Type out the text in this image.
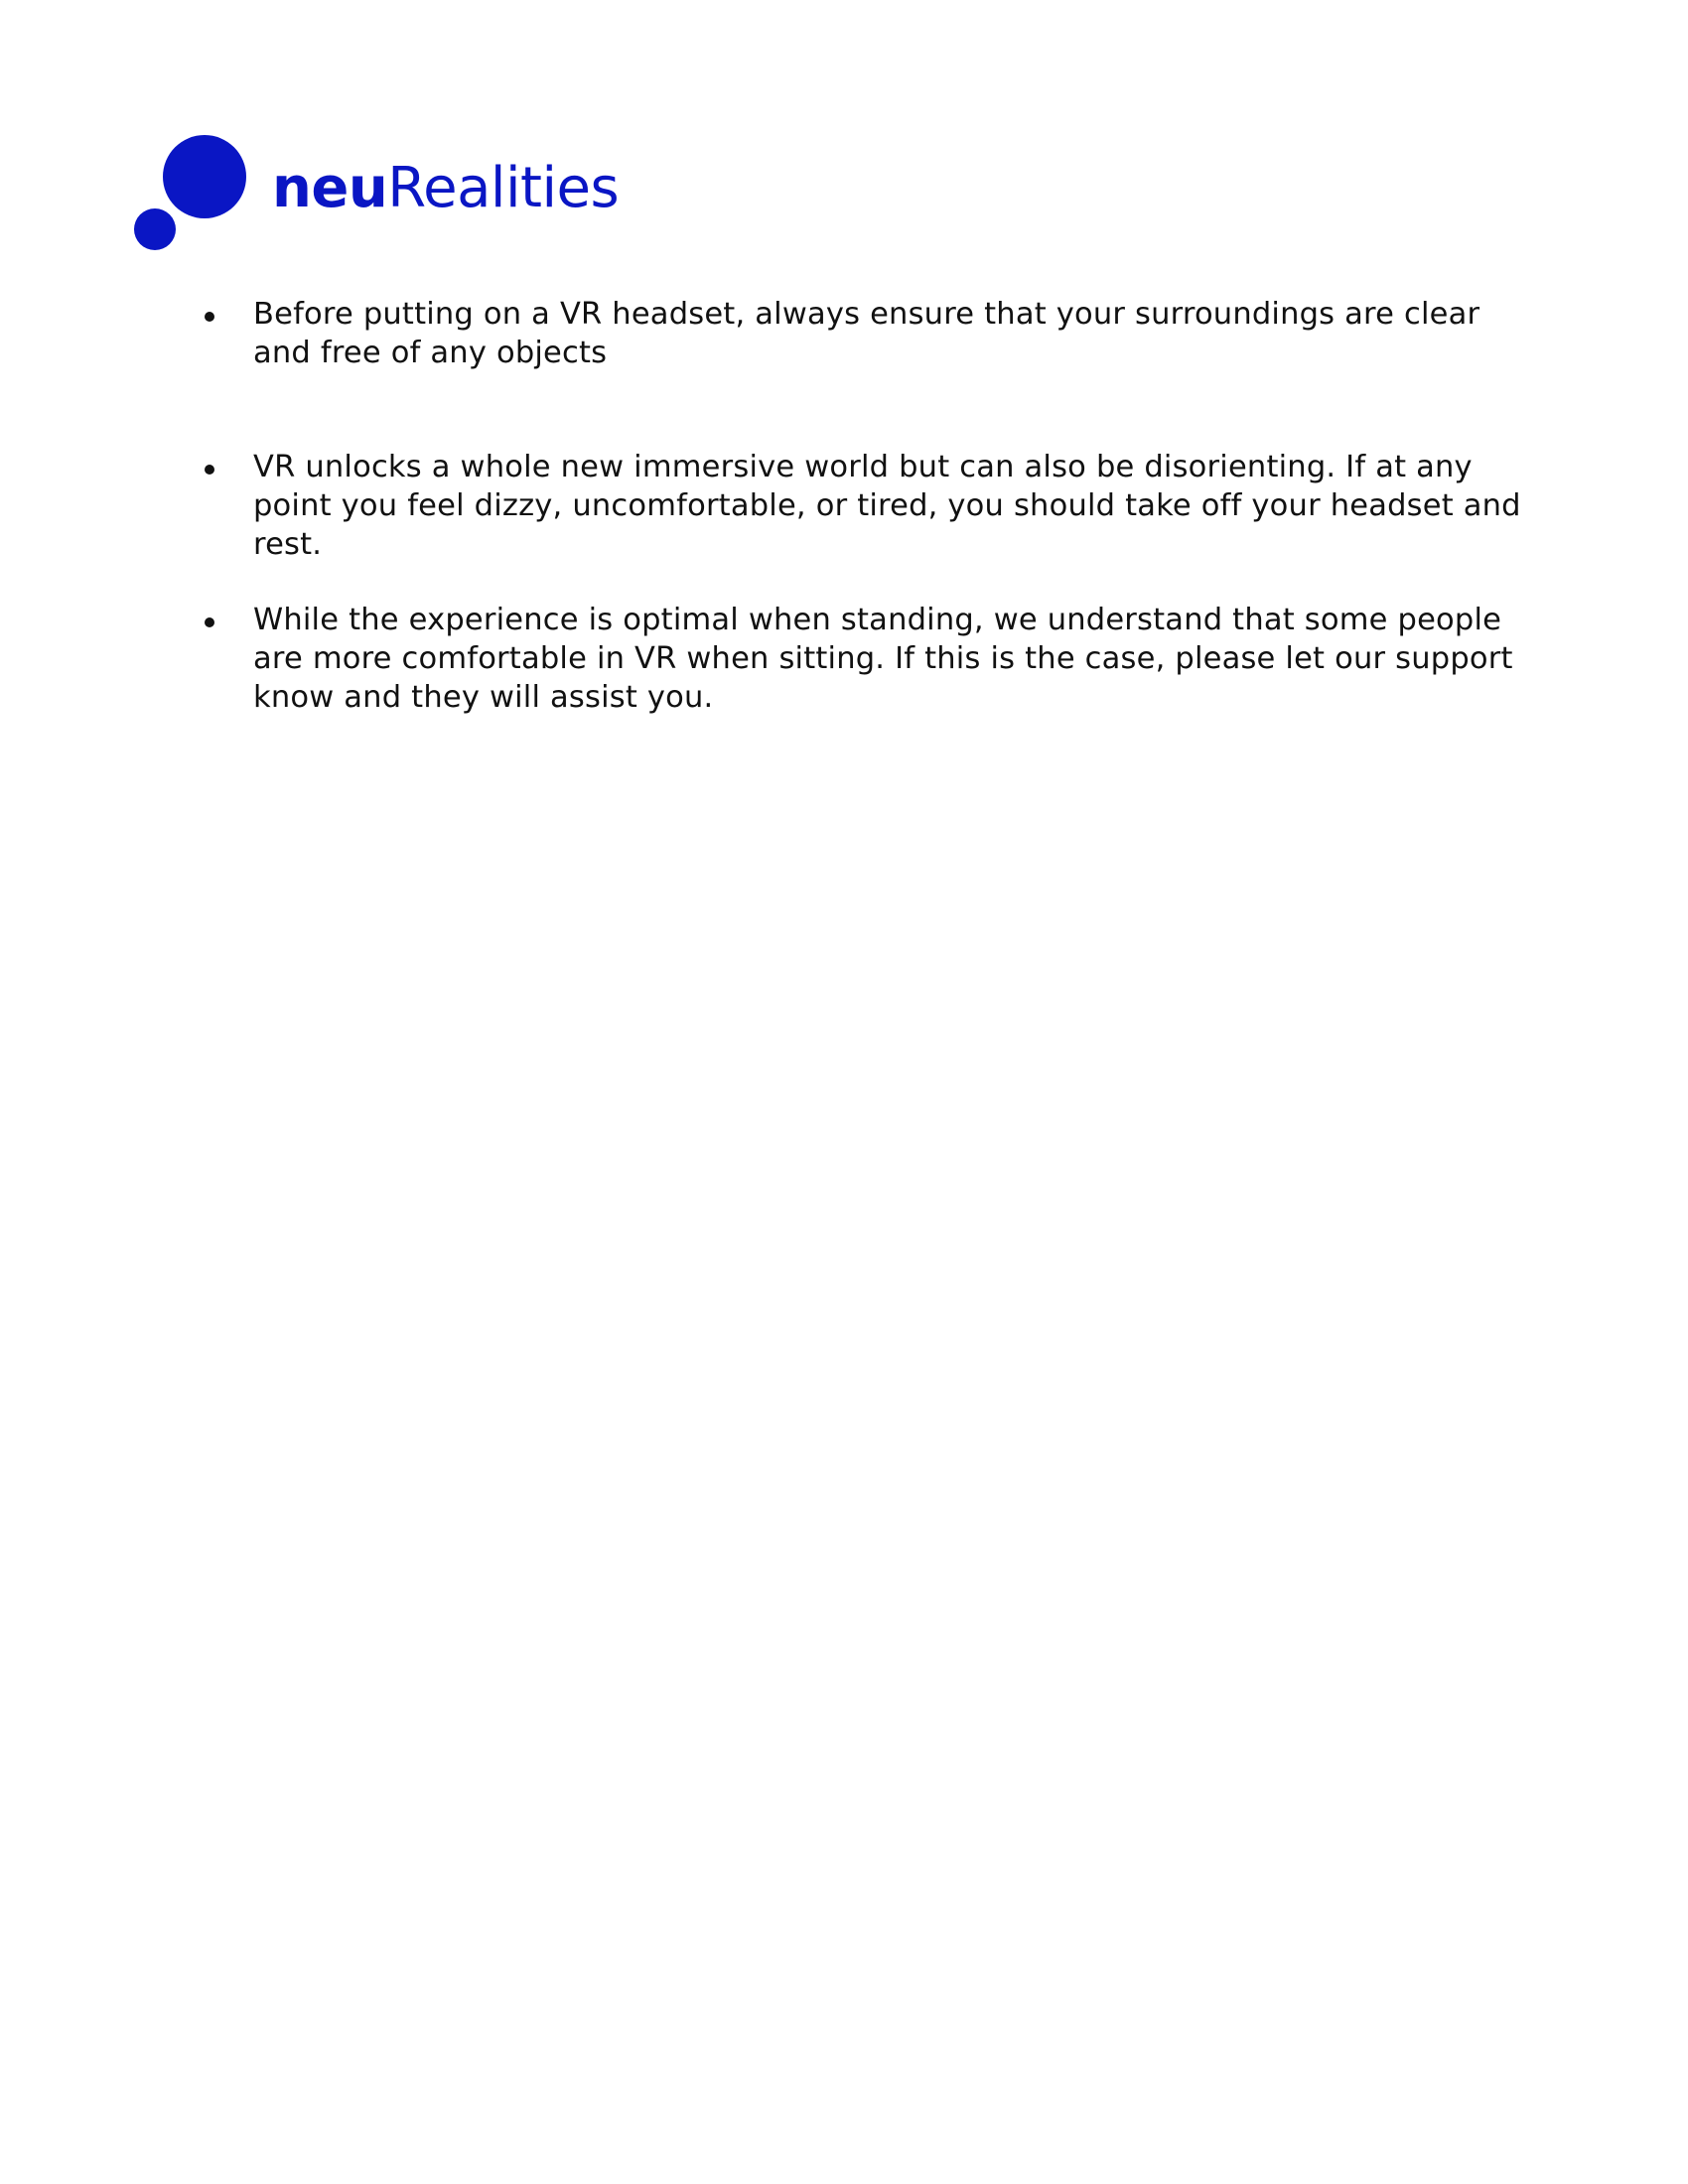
neuRealities
Before putting on a VR headset, always ensure that your surroundings are clear and free of any objects
VR unlocks a whole new immersive world but can also be disorienting. If at any point you feel dizzy, uncomfortable, or tired, you should take off your headset and rest.
While the experience is optimal when standing, we understand that some people are more comfortable in VR when sitting. If this is the case, please let our support know and they will assist you.
